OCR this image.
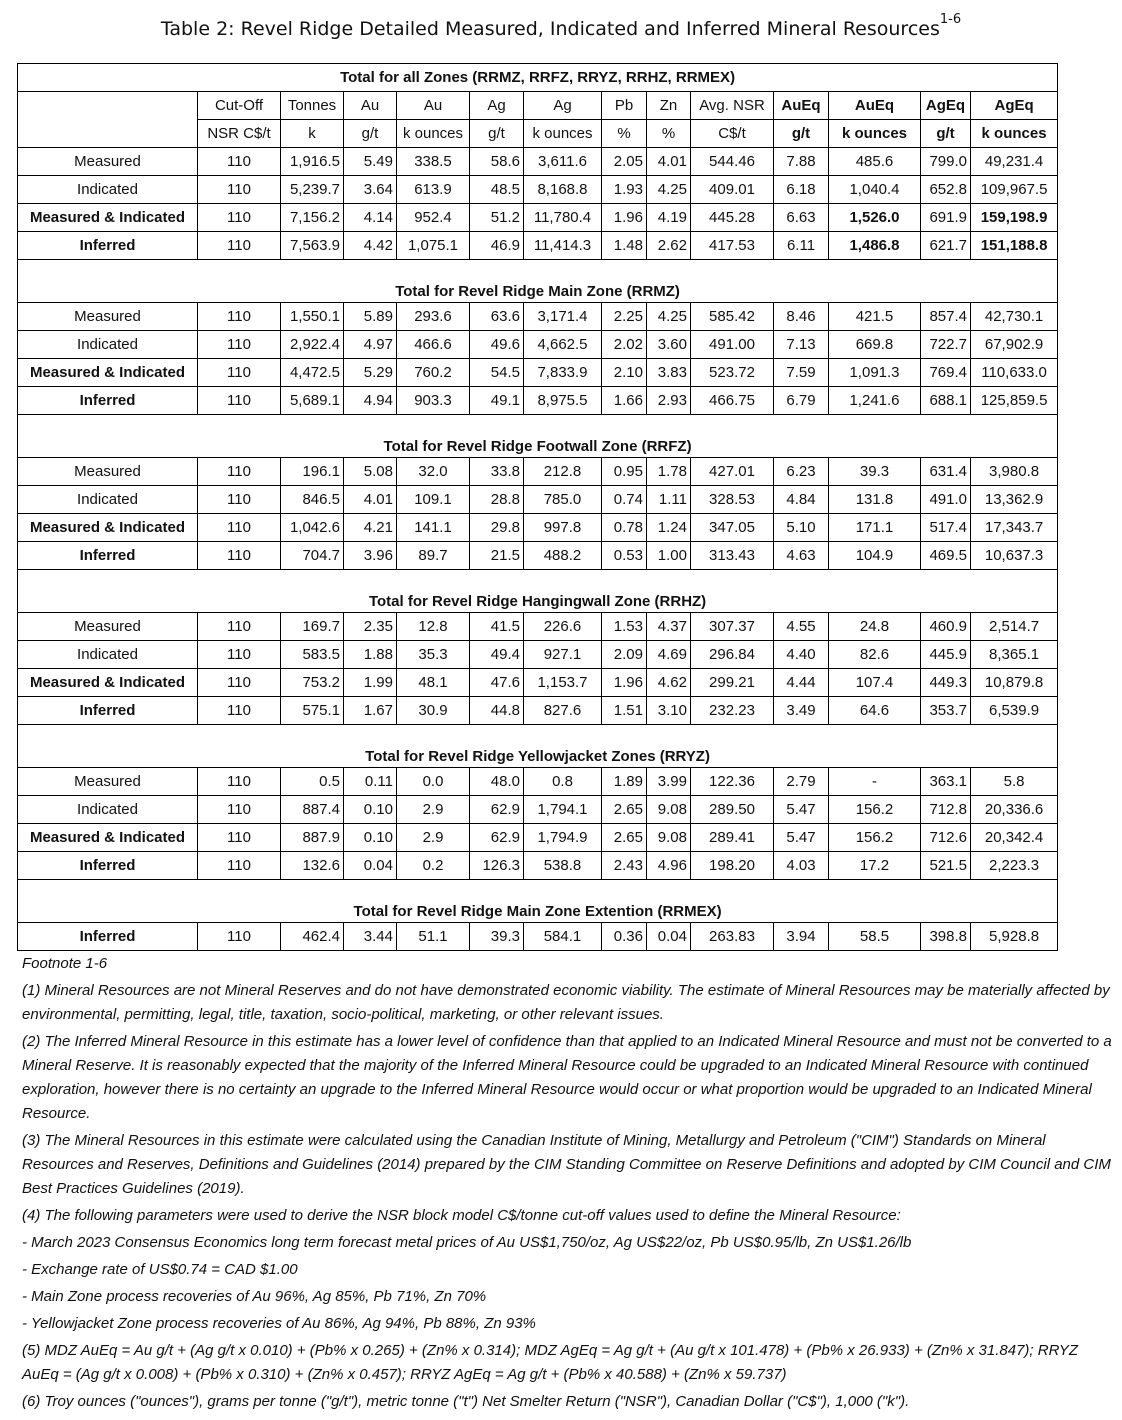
Table 2: Revel Ridge Detailed Measured, Indicated and Inferred Mineral Resources$^{1-6}$
Total for all Zones (RRMZ, RRFZ, RRYZ, RRHZ, RRMEX)													
	Cut-Off	Tonnes	Au	Au	Ag	Ag	Pb	Zn	Avg. NSR	AuEq	AuEq	AgEq	AgEq
	NSR C$/t	k	g/t	k ounces	g/t	k ounces	%	%	C$/t	g/t	k ounces	g/t	k ounces
Measured	110	1,916.5	5.49	338.5	58.6	3,611.6	2.05	4.01	544.46	7.88	485.6	799.0	49,231.4
Indicated	110	5,239.7	3.64	613.9	48.5	8,168.8	1.93	4.25	409.01	6.18	1,040.4	652.8	109,967.5
Measured & Indicated	110	7,156.2	4.14	952.4	51.2	11,780.4	1.96	4.19	445.28	6.63	1,526.0	691.9	159,198.9
Inferred	110	7,563.9	4.42	1,075.1	46.9	11,414.3	1.48	2.62	417.53	6.11	1,486.8	621.7	151,188.8
Total for Revel Ridge Main Zone (RRMZ)													
Measured	110	1,550.1	5.89	293.6	63.6	3,171.4	2.25	4.25	585.42	8.46	421.5	857.4	42,730.1
Indicated	110	2,922.4	4.97	466.6	49.6	4,662.5	2.02	3.60	491.00	7.13	669.8	722.7	67,902.9
Measured & Indicated	110	4,472.5	5.29	760.2	54.5	7,833.9	2.10	3.83	523.72	7.59	1,091.3	769.4	110,633.0
Inferred	110	5,689.1	4.94	903.3	49.1	8,975.5	1.66	2.93	466.75	6.79	1,241.6	688.1	125,859.5
Total for Revel Ridge Footwall Zone (RRFZ)													
Measured	110	196.1	5.08	32.0	33.8	212.8	0.95	1.78	427.01	6.23	39.3	631.4	3,980.8
Indicated	110	846.5	4.01	109.1	28.8	785.0	0.74	1.11	328.53	4.84	131.8	491.0	13,362.9
Measured & Indicated	110	1,042.6	4.21	141.1	29.8	997.8	0.78	1.24	347.05	5.10	171.1	517.4	17,343.7
Inferred	110	704.7	3.96	89.7	21.5	488.2	0.53	1.00	313.43	4.63	104.9	469.5	10,637.3
Total for Revel Ridge Hangingwall Zone (RRHZ)													
Measured	110	169.7	2.35	12.8	41.5	226.6	1.53	4.37	307.37	4.55	24.8	460.9	2,514.7
Indicated	110	583.5	1.88	35.3	49.4	927.1	2.09	4.69	296.84	4.40	82.6	445.9	8,365.1
Measured & Indicated	110	753.2	1.99	48.1	47.6	1,153.7	1.96	4.62	299.21	4.44	107.4	449.3	10,879.8
Inferred	110	575.1	1.67	30.9	44.8	827.6	1.51	3.10	232.23	3.49	64.6	353.7	6,539.9
Total for Revel Ridge Yellowjacket Zones (RRYZ)													
Measured	110	0.5	0.11	0.0	48.0	0.8	1.89	3.99	122.36	2.79	-	363.1	5.8
Indicated	110	887.4	0.10	2.9	62.9	1,794.1	2.65	9.08	289.50	5.47	156.2	712.8	20,336.6
Measured & Indicated	110	887.9	0.10	2.9	62.9	1,794.9	2.65	9.08	289.41	5.47	156.2	712.6	20,342.4
Inferred	110	132.6	0.04	0.2	126.3	538.8	2.43	4.96	198.20	4.03	17.2	521.5	2,223.3
Total for Revel Ridge Main Zone Extention (RRMEX)													
Inferred	110	462.4	3.44	51.1	39.3	584.1	0.36	0.04	263.83	3.94	58.5	398.8	5,928.8

Footnote 1-6

(1) Mineral Resources are not Mineral Reserves and do not have demonstrated economic viability. The estimate of Mineral Resources may be materially affected by environmental, permitting, legal, title, taxation, socio-political, marketing, or other relevant issues.

(2) The Inferred Mineral Resource in this estimate has a lower level of confidence than that applied to an Indicated Mineral Resource and must not be converted to a Mineral Reserve. It is reasonably expected that the majority of the Inferred Mineral Resource could be upgraded to an Indicated Mineral Resource with continued exploration, however there is no certainty an upgrade to the Inferred Mineral Resource would occur or what proportion would be upgraded to an Indicated Mineral Resource.

(3) The Mineral Resources in this estimate were calculated using the Canadian Institute of Mining, Metallurgy and Petroleum ("CIM") Standards on Mineral Resources and Reserves, Definitions and Guidelines (2014) prepared by the CIM Standing Committee on Reserve Definitions and adopted by CIM Council and CIM Best Practices Guidelines (2019).

(4) The following parameters were used to derive the NSR block model C$/tonne cut-off values used to define the Mineral Resource:

- March 2023 Consensus Economics long term forecast metal prices of Au US$1,750/oz, Ag US$22/oz, Pb US$0.95/lb, Zn US$1.26/lb

- Exchange rate of US$0.74 = CAD $1.00

- Main Zone process recoveries of Au 96%, Ag 85%, Pb 71%, Zn 70%

- Yellowjacket Zone process recoveries of Au 86%, Ag 94%, Pb 88%, Zn 93%

(5) MDZ AuEq = Au g/t + (Ag g/t x 0.010) + (Pb% x 0.265) + (Zn% x 0.314); MDZ AgEq = Ag g/t + (Au g/t x 101.478) + (Pb% x 26.933) + (Zn% x 31.847); RRYZ AuEq = (Ag g/t x 0.008) + (Pb% x 0.310) + (Zn% x 0.457); RRYZ AgEq = Ag g/t + (Pb% x 40.588) + (Zn% x 59.737)

(6) Troy ounces ("ounces"), grams per tonne ("g/t"), metric tonne ("t") Net Smelter Return ("NSR"), Canadian Dollar ("C$"), 1,000 ("k").
